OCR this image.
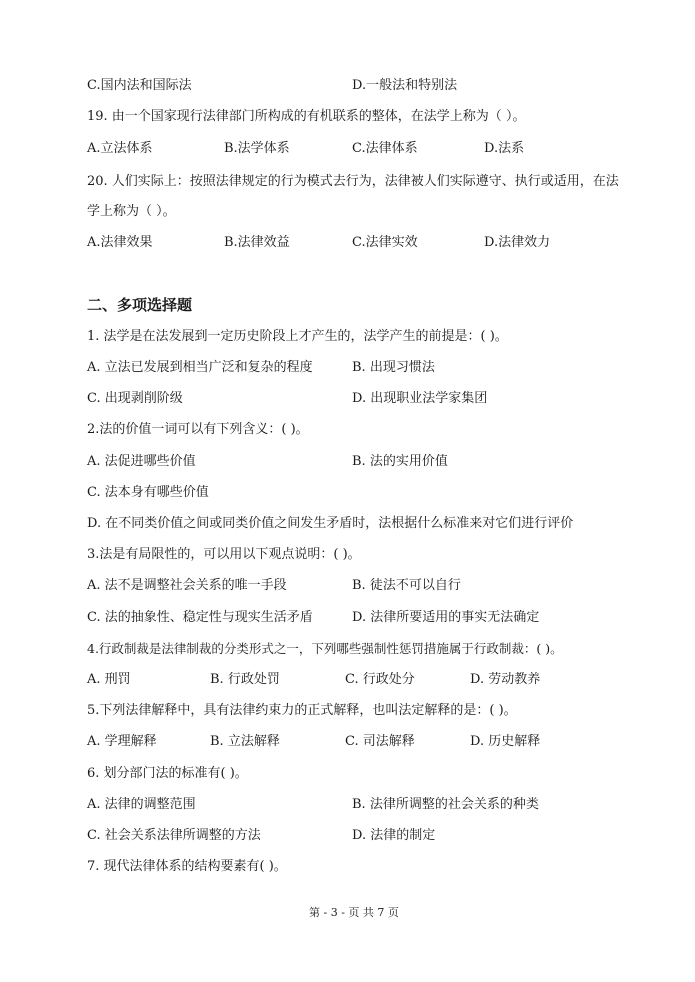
C.国内法和国际法	D.一般法和特别法
19. 由一个国家现行法律部门所构成的有机联系的整体，在法学上称为（ ）。
A.立法体系	B.法学体系	C.法律体系	D.法系
20. 人们实际上：按照法律规定的行为模式去行为，法律被人们实际遵守、执行或适用，在法
学上称为（ ）。
A.法律效果	B.法律效益	C.法律实效	D.法律效力
二、多项选择题
1. 法学是在法发展到一定历史阶段上才产生的，法学产生的前提是：( )。
A. 立法已发展到相当广泛和复杂的程度	B. 出现习惯法
C. 出现剥削阶级	D. 出现职业法学家集团
2.法的价值一词可以有下列含义：( )。
A. 法促进哪些价值	B. 法的实用价值
C. 法本身有哪些价值
D. 在不同类价值之间或同类价值之间发生矛盾时，法根据什么标准来对它们进行评价
3.法是有局限性的，可以用以下观点说明：( )。
A. 法不是调整社会关系的唯一手段	B. 徒法不可以自行
C. 法的抽象性、稳定性与现实生活矛盾	D. 法律所要适用的事实无法确定
4.行政制裁是法律制裁的分类形式之一，下列哪些强制性惩罚措施属于行政制裁：( )。
A. 刑罚	B. 行政处罚	C. 行政处分	D. 劳动教养
5.下列法律解释中，具有法律约束力的正式解释，也叫法定解释的是：( )。
A. 学理解释	B. 立法解释	C. 司法解释	D. 历史解释
6. 划分部门法的标准有( )。
A. 法律的调整范围	B. 法律所调整的社会关系的种类
C. 社会关系法律所调整的方法	D. 法律的制定
7. 现代法律体系的结构要素有( )。
第 - 3 - 页 共 7 页
